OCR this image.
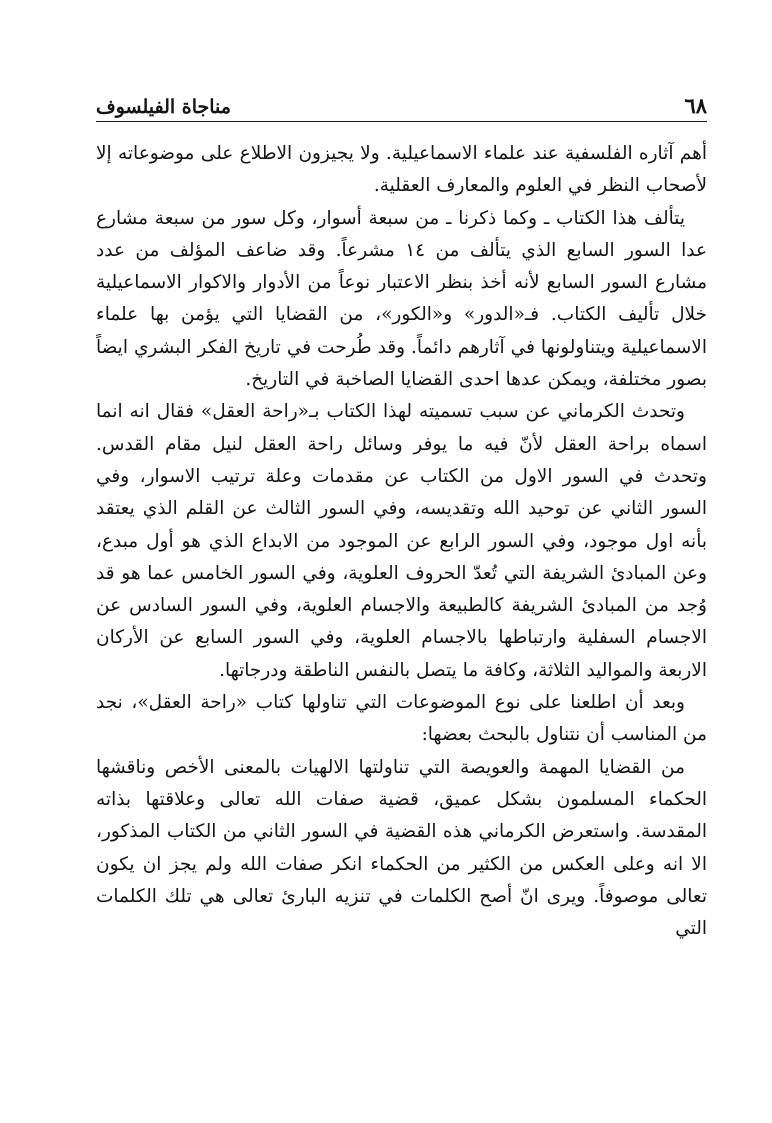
مناجاة الفيلسوف	٦٨

أهم آثاره الفلسفية عند علماء الاسماعيلية. ولا يجيزون الاطلاع على موضوعاته إلا لأصحاب النظر في العلوم والمعارف العقلية.

يتألف هذا الكتاب ـ وكما ذكرنا ـ من سبعة أسوار، وكل سور من سبعة مشارع عدا السور السابع الذي يتألف من ١٤ مشرعاً. وقد ضاعف المؤلف من عدد مشارع السور السابع لأنه أخذ بنظر الاعتبار نوعاً من الأدوار والاكوار الاسماعيلية خلال تأليف الكتاب. فـ«الدور» و«الكور»، من القضايا التي يؤمن بها علماء الاسماعيلية ويتناولونها في آثارهم دائماً. وقد طُرحت في تاريخ الفكر البشري ايضاً بصور مختلفة، ويمكن عدها احدى القضايا الصاخبة في التاريخ.

وتحدث الكرماني عن سبب تسميته لهذا الكتاب بـ«راحة العقل» فقال انه انما اسماه براحة العقل لأنّ فيه ما يوفر وسائل راحة العقل لنيل مقام القدس. وتحدث في السور الاول من الكتاب عن مقدمات وعلة ترتيب الاسوار، وفي السور الثاني عن توحيد الله وتقديسه، وفي السور الثالث عن القلم الذي يعتقد بأنه اول موجود، وفي السور الرابع عن الموجود من الابداع الذي هو أول مبدع، وعن المبادئ الشريفة التي تُعدّ الحروف العلوية، وفي السور الخامس عما هو قد وُجد من المبادئ الشريفة كالطبيعة والاجسام العلوية، وفي السور السادس عن الاجسام السفلية وارتباطها بالاجسام العلوية، وفي السور السابع عن الأركان الاربعة والمواليد الثلاثة، وكافة ما يتصل بالنفس الناطقة ودرجاتها.

وبعد أن اطلعنا على نوع الموضوعات التي تناولها كتاب «راحة العقل»، نجد من المناسب أن نتناول بالبحث بعضها:

من القضايا المهمة والعويصة التي تناولتها الالهيات بالمعنى الأخص وناقشها الحكماء المسلمون بشكل عميق، قضية صفات الله تعالى وعلاقتها بذاته المقدسة. واستعرض الكرماني هذه القضية في السور الثاني من الكتاب المذكور، الا انه وعلى العكس من الكثير من الحكماء انكر صفات الله ولم يجز ان يكون تعالى موصوفاً. ويرى انّ أصح الكلمات في تنزيه البارئ تعالى هي تلك الكلمات التي
